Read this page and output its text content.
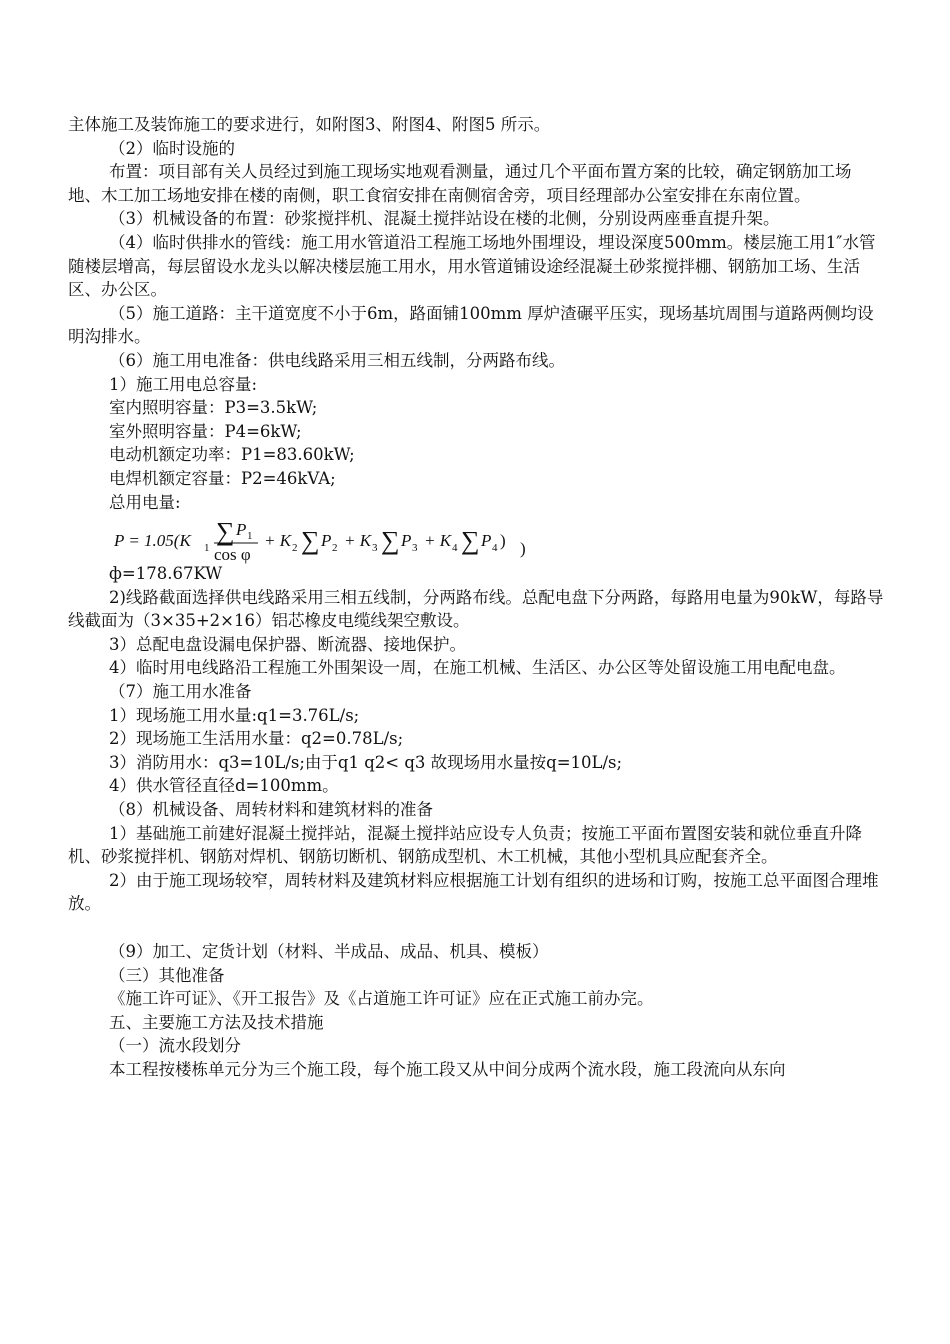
主体施工及装饰施工的要求进行，如附图3、附图4、附图5 所示。

（2）临时设施的

布置：项目部有关人员经过到施工现场实地观看测量，通过几个平面布置方案的比较，确定钢筋加工场地、木工加工场地安排在楼的南侧，职工食宿安排在南侧宿舍旁，项目经理部办公室安排在东南位置。

（3）机械设备的布置：砂浆搅拌机、混凝土搅拌站设在楼的北侧，分别设两座垂直提升架。

（4）临时供排水的管线：施工用水管道沿工程施工场地外围埋设，埋设深度500mm。楼层施工用1″水管随楼层增高，每层留设水龙头以解决楼层施工用水，用水管道铺设途经混凝土砂浆搅拌棚、钢筋加工场、生活区、办公区。

（5）施工道路：主干道宽度不小于6m，路面铺100mm 厚炉渣碾平压实，现场基坑周围与道路两侧均设明沟排水。

（6）施工用电准备：供电线路采用三相五线制，分两路布线。

1）施工用电总容量:

室内照明容量：P3=3.5kW;

室外照明容量：P4=6kW;

电动机额定功率：P1=83.60kW;

电焊机额定容量：P2=46kVA;

总用电量:

P = 1.05(K 1
∑ P 1
cos φ
+ K 2 ∑ P 2 + K 3 ∑ P 3 + K 4 ∑ P 4 ) )

ф=178.67KW

2)线路截面选择供电线路采用三相五线制，分两路布线。总配电盘下分两路，每路用电量为90kW，每路导线截面为（3×35+2×16）铝芯橡皮电缆线架空敷设。

3）总配电盘设漏电保护器、断流器、接地保护。

4）临时用电线路沿工程施工外围架设一周，在施工机械、生活区、办公区等处留设施工用电配电盘。

（7）施工用水准备

1）现场施工用水量:q1=3.76L/s;

2）现场施工生活用水量：q2=0.78L/s;

3）消防用水：q3=10L/s;由于q1 q2< q3 故现场用水量按q=10L/s;

4）供水管径直径d=100mm。

（8）机械设备、周转材料和建筑材料的准备

1）基础施工前建好混凝土搅拌站，混凝土搅拌站应设专人负责；按施工平面布置图安装和就位垂直升降机、砂浆搅拌机、钢筋对焊机、钢筋切断机、钢筋成型机、木工机械，其他小型机具应配套齐全。

2）由于施工现场较窄，周转材料及建筑材料应根据施工计划有组织的进场和订购，按施工总平面图合理堆放。

（9）加工、定货计划（材料、半成品、成品、机具、模板）

（三）其他准备

《施工许可证》、《开工报告》及《占道施工许可证》应在正式施工前办完。

五、主要施工方法及技术措施

（一）流水段划分

本工程按楼栋单元分为三个施工段，每个施工段又从中间分成两个流水段，施工段流向从东向
